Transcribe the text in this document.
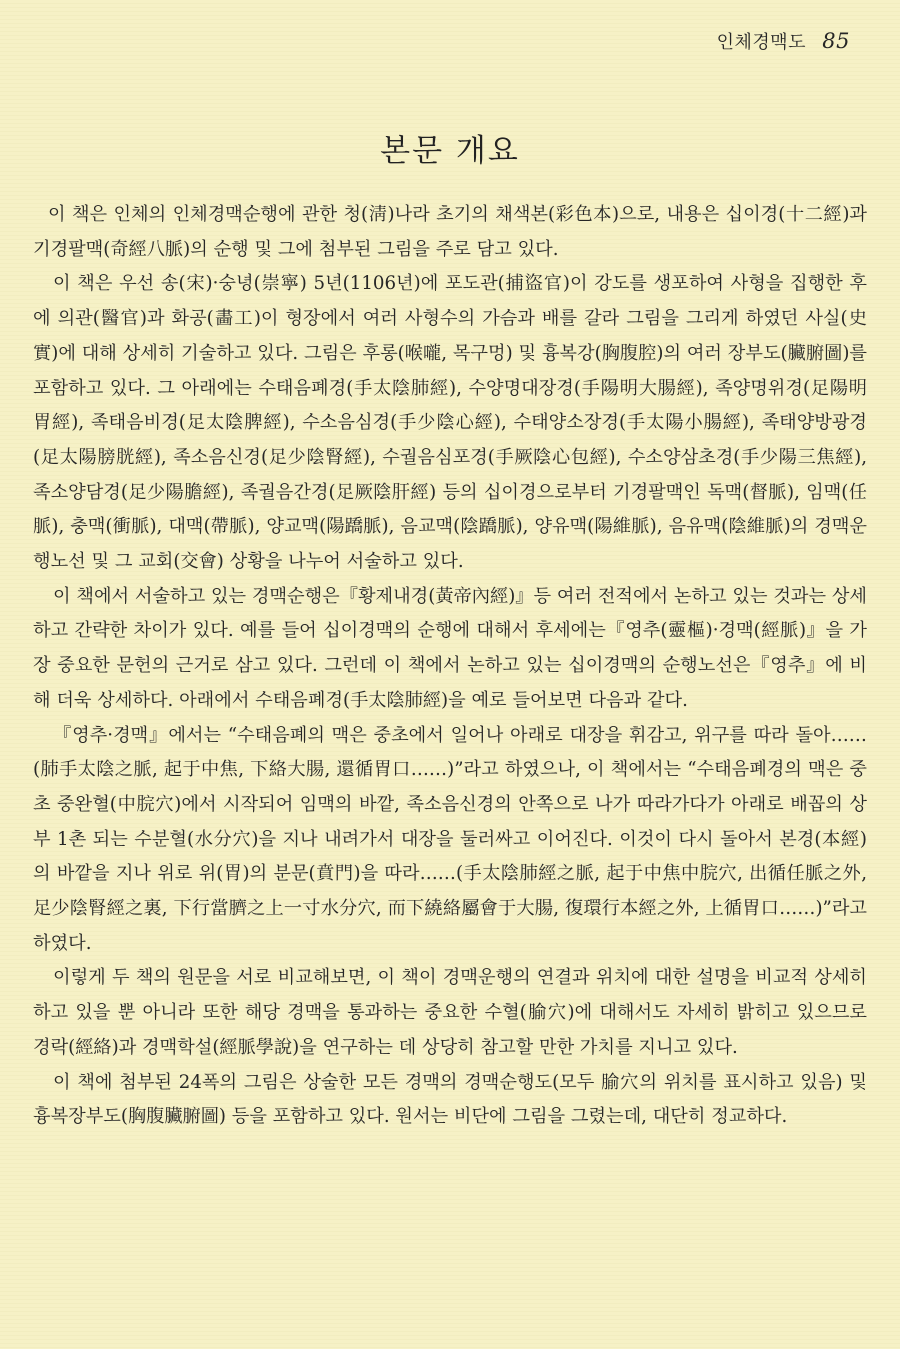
인체경맥도 85
본문 개요

이 책은 인체의 인체경맥순행에 관한 청(淸)나라 초기의 채색본(彩色本)으로, 내용은 십이경(十二經)과 기경팔맥(奇經八脈)의 순행 및 그에 첨부된 그림을 주로 담고 있다.

이 책은 우선 송(宋)·숭녕(崇寧) 5년(1106년)에 포도관(捕盜官)이 강도를 생포하여 사형을 집행한 후에 의관(醫官)과 화공(畵工)이 형장에서 여러 사형수의 가슴과 배를 갈라 그림을 그리게 하였던 사실(史實)에 대해 상세히 기술하고 있다. 그림은 후롱(喉嚨, 목구멍) 및 흉복강(胸腹腔)의 여러 장부도(臟腑圖)를 포함하고 있다. 그 아래에는 수태음폐경(手太陰肺經), 수양명대장경(手陽明大腸經), 족양명위경(足陽明胃經), 족태음비경(足太陰脾經), 수소음심경(手少陰心經), 수태양소장경(手太陽小腸經), 족태양방광경(足太陽膀胱經), 족소음신경(足少陰腎經), 수궐음심포경(手厥陰心包經), 수소양삼초경(手少陽三焦經), 족소양담경(足少陽膽經), 족궐음간경(足厥陰肝經) 등의 십이경으로부터 기경팔맥인 독맥(督脈), 임맥(任脈), 충맥(衝脈), 대맥(帶脈), 양교맥(陽蹻脈), 음교맥(陰蹻脈), 양유맥(陽維脈), 음유맥(陰維脈)의 경맥운행노선 및 그 교회(交會) 상황을 나누어 서술하고 있다.

이 책에서 서술하고 있는 경맥순행은『황제내경(黃帝內經)』등 여러 전적에서 논하고 있는 것과는 상세하고 간략한 차이가 있다. 예를 들어 십이경맥의 순행에 대해서 후세에는『영추(靈樞)·경맥(經脈)』을 가장 중요한 문헌의 근거로 삼고 있다. 그런데 이 책에서 논하고 있는 십이경맥의 순행노선은『영추』에 비해 더욱 상세하다. 아래에서 수태음폐경(手太陰肺經)을 예로 들어보면 다음과 같다.

『영추·경맥』에서는 “수태음폐의 맥은 중초에서 일어나 아래로 대장을 휘감고, 위구를 따라 돌아……(肺手太陰之脈, 起于中焦, 下絡大腸, 還循胃口……)”라고 하였으나, 이 책에서는 “수태음폐경의 맥은 중초 중완혈(中脘穴)에서 시작되어 임맥의 바깥, 족소음신경의 안쪽으로 나가 따라가다가 아래로 배꼽의 상부 1촌 되는 수분혈(水分穴)을 지나 내려가서 대장을 둘러싸고 이어진다. 이것이 다시 돌아서 본경(本經)의 바깥을 지나 위로 위(胃)의 분문(賁門)을 따라……(手太陰肺經之脈, 起于中焦中脘穴, 出循任脈之外, 足少陰腎經之裏, 下行當臍之上一寸水分穴, 而下繞絡屬會于大腸, 復環行本經之外, 上循胃口……)”라고 하였다.

이렇게 두 책의 원문을 서로 비교해보면, 이 책이 경맥운행의 연결과 위치에 대한 설명을 비교적 상세히 하고 있을 뿐 아니라 또한 해당 경맥을 통과하는 중요한 수혈(腧穴)에 대해서도 자세히 밝히고 있으므로 경락(經絡)과 경맥학설(經脈學說)을 연구하는 데 상당히 참고할 만한 가치를 지니고 있다.

이 책에 첨부된 24폭의 그림은 상술한 모든 경맥의 경맥순행도(모두 腧穴의 위치를 표시하고 있음) 및 흉복장부도(胸腹臟腑圖) 등을 포함하고 있다. 원서는 비단에 그림을 그렸는데, 대단히 정교하다.
